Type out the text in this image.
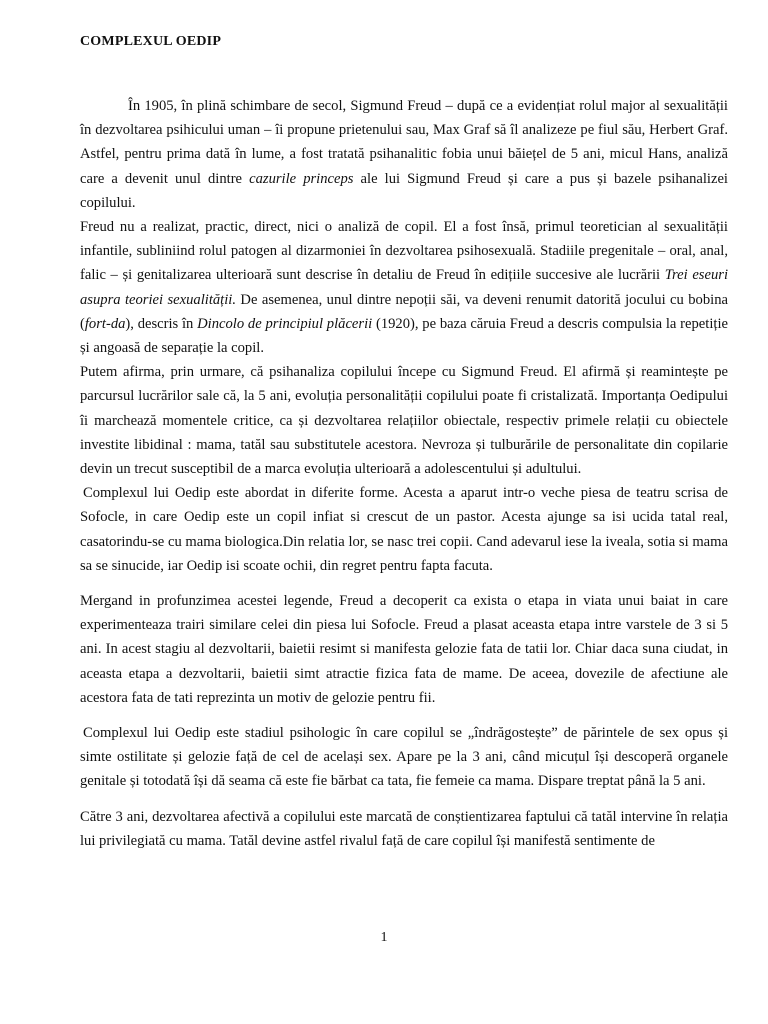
COMPLEXUL OEDIP

În 1905, în plină schimbare de secol, Sigmund Freud – după ce a evidențiat rolul major al sexualității în dezvoltarea psihicului uman – îi propune prietenului sau, Max Graf să îl analizeze pe fiul său, Herbert Graf. Astfel, pentru prima dată în lume, a fost tratată psihanalitic fobia unui băiețel de 5 ani, micul Hans, analiză care a devenit unul dintre cazurile princeps ale lui Sigmund Freud și care a pus și bazele psihanalizei copilului.

Freud nu a realizat, practic, direct, nici o analiză de copil. El a fost însă, primul teoretician al sexualității infantile, subliniind rolul patogen al dizarmoniei în dezvoltarea psihosexuală. Stadiile pregenitale – oral, anal, falic – și genitalizarea ulterioară sunt descrise în detaliu de Freud în edițiile succesive ale lucrării Trei eseuri asupra teoriei sexualității. De asemenea, unul dintre nepoții săi, va deveni renumit datorită jocului cu bobina (fort-da), descris în Dincolo de principiul plăcerii (1920), pe baza căruia Freud a descris compulsia la repetiție și angoasă de separație la copil.

Putem afirma, prin urmare, că psihanaliza copilului începe cu Sigmund Freud. El afirmă și reamintește pe parcursul lucrărilor sale că, la 5 ani, evoluția personalității copilului poate fi cristalizată. Importanța Oedipului îi marchează momentele critice, ca și dezvoltarea relațiilor obiectale, respectiv primele relații cu obiectele investite libidinal : mama, tatăl sau substitutele acestora. Nevroza și tulburările de personalitate din copilarie devin un trecut susceptibil de a marca evoluția ulterioară a adolescentului și adultului.

Complexul lui Oedip este abordat in diferite forme. Acesta a aparut intr-o veche piesa de teatru scrisa de Sofocle, in care Oedip este un copil infiat si crescut de un pastor. Acesta ajunge sa isi ucida tatal real, casatorindu-se cu mama biologica.Din relatia lor, se nasc trei copii. Cand adevarul iese la iveala, sotia si mama sa se sinucide, iar Oedip isi scoate ochii, din regret pentru fapta facuta.

Mergand in profunzimea acestei legende, Freud a decoperit ca exista o etapa in viata unui baiat in care experimenteaza trairi similare celei din piesa lui Sofocle. Freud a plasat aceasta etapa intre varstele de 3 si 5 ani. In acest stagiu al dezvoltarii, baietii resimt si manifesta gelozie fata de tatii lor. Chiar daca suna ciudat, in aceasta etapa a dezvoltarii, baietii simt atractie fizica fata de mame. De aceea, dovezile de afectiune ale acestora fata de tati reprezinta un motiv de gelozie pentru fii.

Complexul lui Oedip este stadiul psihologic în care copilul se „îndrăgostește” de părintele de sex opus și simte ostilitate și gelozie față de cel de același sex. Apare pe la 3 ani, când micuțul își descoperă organele genitale și totodată își dă seama că este fie bărbat ca tata, fie femeie ca mama. Dispare treptat până la 5 ani.

Către 3 ani, dezvoltarea afectivă a copilului este marcată de conștientizarea faptului că tatăl intervine în relația lui privilegiată cu mama. Tatăl devine astfel rivalul față de care copilul își manifestă sentimente de

1
